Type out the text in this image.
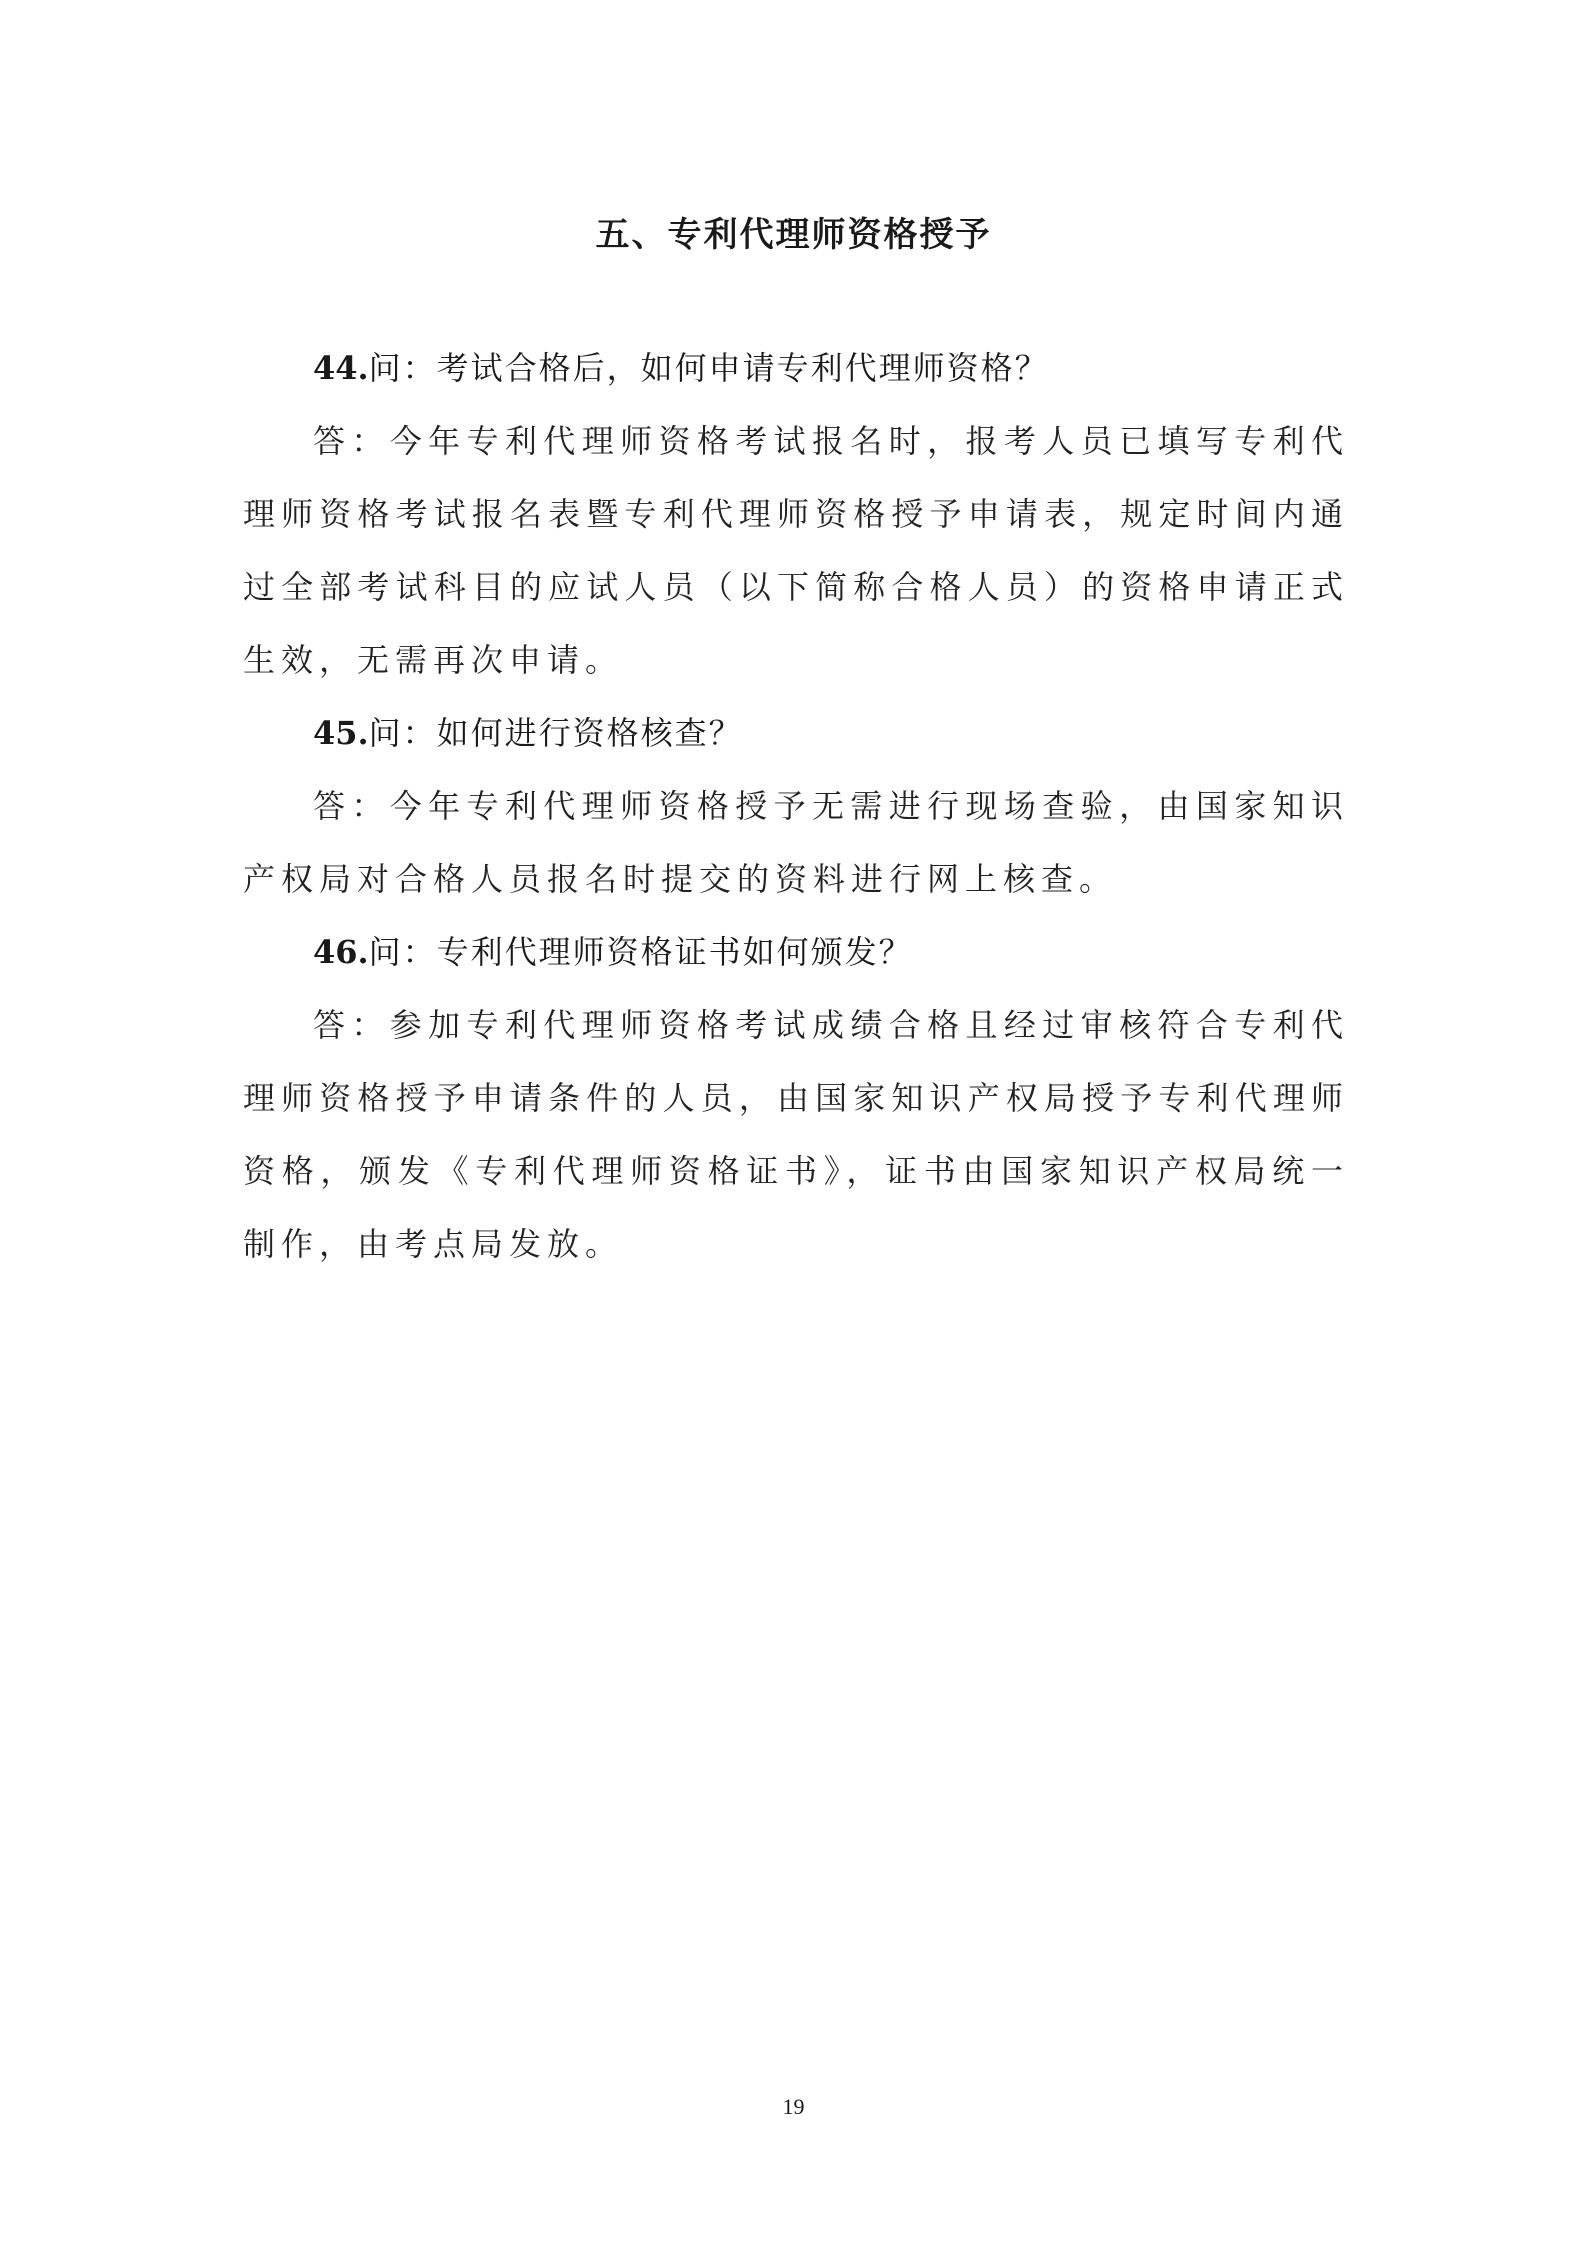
五、专利代理师资格授予

44.问：考试合格后，如何申请专利代理师资格？

答：今年专利代理师资格考试报名时，报考人员已填写专利代理师资格考试报名表暨专利代理师资格授予申请表，规定时间内通过全部考试科目的应试人员（以下简称合格人员）的资格申请正式生效，无需再次申请。

45.问：如何进行资格核查？

答：今年专利代理师资格授予无需进行现场查验，由国家知识产权局对合格人员报名时提交的资料进行网上核查。

46.问：专利代理师资格证书如何颁发？

答：参加专利代理师资格考试成绩合格且经过审核符合专利代理师资格授予申请条件的人员，由国家知识产权局授予专利代理师资格，颁发《专利代理师资格证书》，证书由国家知识产权局统一制作，由考点局发放。

19
